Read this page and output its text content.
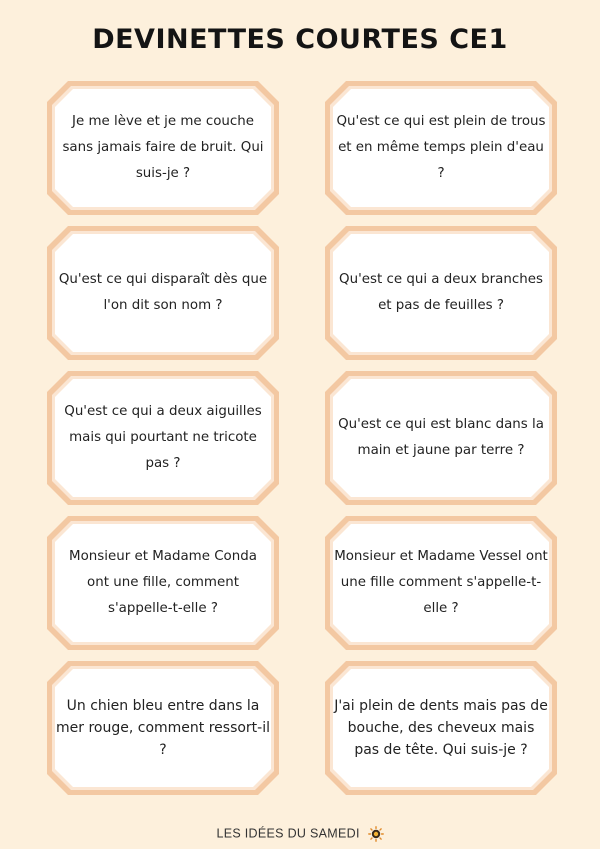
DEVINETTES COURTES CE1
Je me lève et je me couche sans jamais faire de bruit. Qui suis-je ?
Qu'est ce qui est plein de trous et en même temps plein d'eau ?
Qu'est ce qui disparaît dès que l'on dit son nom ?
Qu'est ce qui a deux branches et pas de feuilles ?
Qu'est ce qui a deux aiguilles mais qui pourtant ne tricote pas ?
Qu'est ce qui est blanc dans la main et jaune par terre ?
Monsieur et Madame Conda ont une fille, comment s'appelle-t-elle ?
Monsieur et Madame Vessel ont une fille comment s'appelle-t-elle ?
Un chien bleu entre dans la mer rouge, comment ressort-il ?
J'ai plein de dents mais pas de bouche, des cheveux mais pas de tête. Qui suis-je ?
LES IDÉES DU SAMEDI
